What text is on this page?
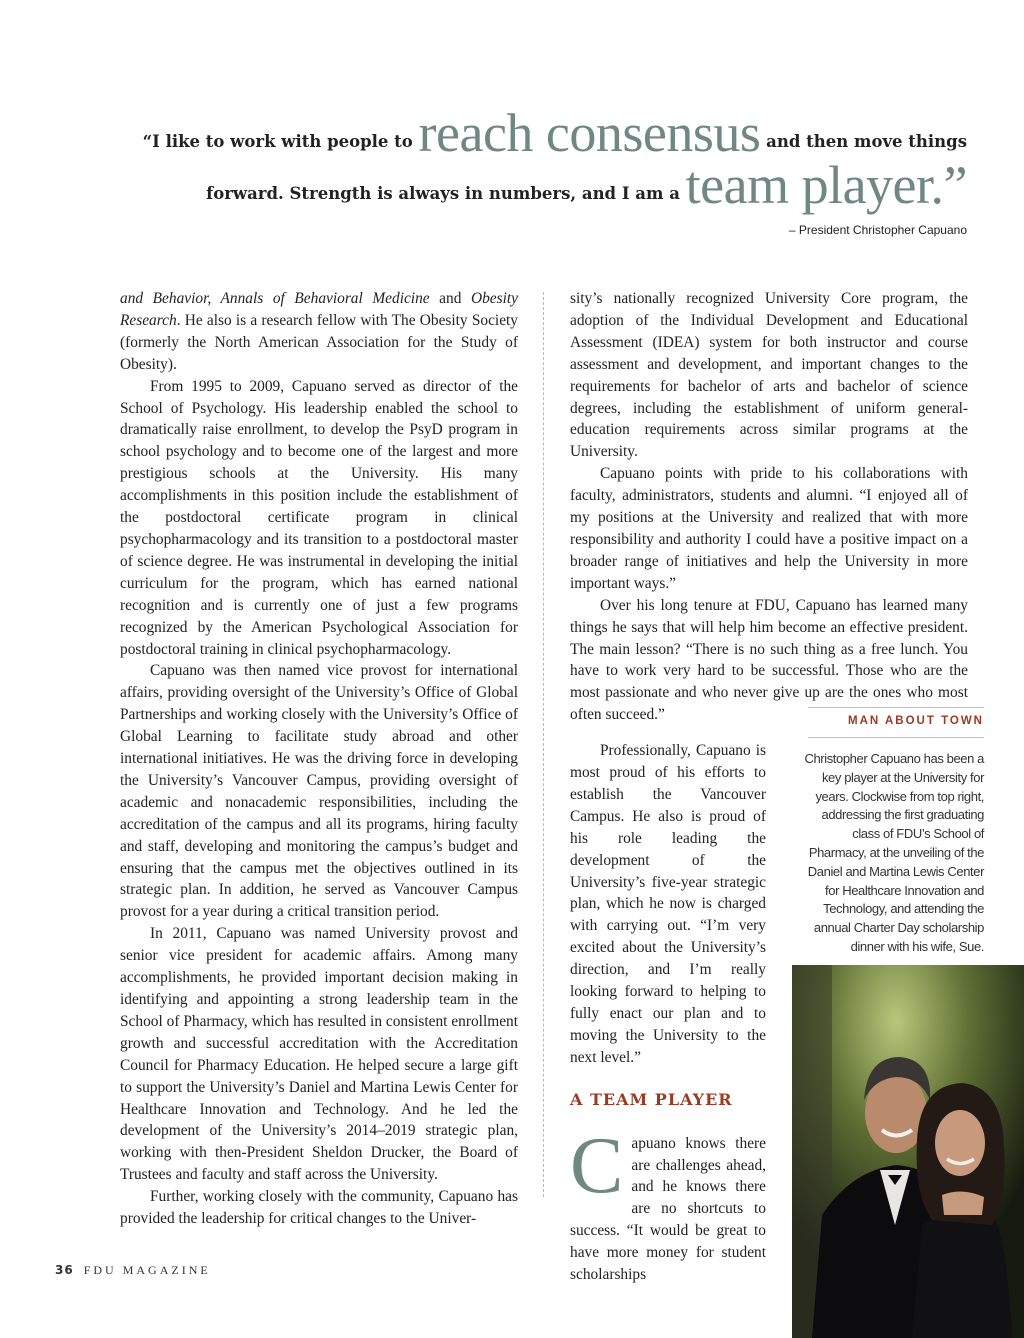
“I like to work with people to reach consensus and then move things
forward. Strength is always in numbers, and I am a team player.”
– President Christopher Capuano

and Behavior, Annals of Behavioral Medicine and Obesity Research. He also is a research fellow with The Obesity Society (formerly the North American Association for the Study of Obesity).

From 1995 to 2009, Capuano served as director of the School of Psychology. His leadership enabled the school to dramatically raise enrollment, to develop the PsyD program in school psychology and to become one of the largest and more prestigious schools at the University. His many accomplishments in this position include the establishment of the postdoctoral certificate program in clinical psychopharmacology and its transition to a postdoctoral master of science degree. He was instrumental in developing the initial curriculum for the program, which has earned national recognition and is currently one of just a few programs recognized by the American Psychological Association for postdoctoral training in clinical psychopharmacology.

Capuano was then named vice provost for international affairs, providing oversight of the University’s Office of Global Partnerships and working closely with the University’s Office of Global Learning to facilitate study abroad and other international initiatives. He was the driving force in developing the University’s Vancouver Campus, providing oversight of academic and nonacademic responsibilities, including the accreditation of the campus and all its programs, hiring faculty and staff, developing and monitoring the campus’s budget and ensuring that the campus met the objectives outlined in its strategic plan. In addition, he served as Vancouver Campus provost for a year during a critical transition period.

In 2011, Capuano was named University provost and senior vice president for academic affairs. Among many accomplishments, he provided important decision making in identifying and appointing a strong leadership team in the School of Pharmacy, which has resulted in consistent enrollment growth and successful accreditation with the Accreditation Council for Pharmacy Education. He helped secure a large gift to support the University’s Daniel and Martina Lewis Center for Healthcare Innovation and Technology. And he led the development of the University’s 2014–2019 strategic plan, working with then-President Sheldon Drucker, the Board of Trustees and faculty and staff across the University.

Further, working closely with the community, Capuano has provided the leadership for critical changes to the Univer-

sity’s nationally recognized University Core program, the adoption of the Individual Development and Educational Assessment (IDEA) system for both instructor and course assessment and development, and important changes to the requirements for bachelor of arts and bachelor of science degrees, including the establishment of uniform general-education requirements across similar programs at the University.

Capuano points with pride to his collaborations with faculty, administrators, students and alumni. “I enjoyed all of my positions at the University and realized that with more responsibility and authority I could have a positive impact on a broader range of initiatives and help the University in more important ways.”

Over his long tenure at FDU, Capuano has learned many things he says that will help him become an effective president. The main lesson? “There is no such thing as a free lunch. You have to work very hard to be successful. Those who are the most passionate and who never give up are the ones who most often succeed.”

Professionally, Capuano is most proud of his efforts to establish the Vancouver Campus. He also is proud of his role leading the development of the University’s five-year strategic plan, which he now is charged with carrying out. “I’m very excited about the University’s direction, and I’m really looking forward to helping to fully enact our plan and to moving the University to the next level.”

A TEAM PLAYER

Capuano knows there are challenges ahead, and he knows there are no shortcuts to success. “It would be great to have more money for student scholarships

MAN ABOUT TOWN
Christopher Capuano has been a key player at the University for years. Clockwise from top right, addressing the first graduating class of FDU’s School of Pharmacy, at the unveiling of the Daniel and Martina Lewis Center for Healthcare Innovation and Technology, and attending the annual Charter Day scholarship dinner with his wife, Sue.
36 FDU MAGAZINE
